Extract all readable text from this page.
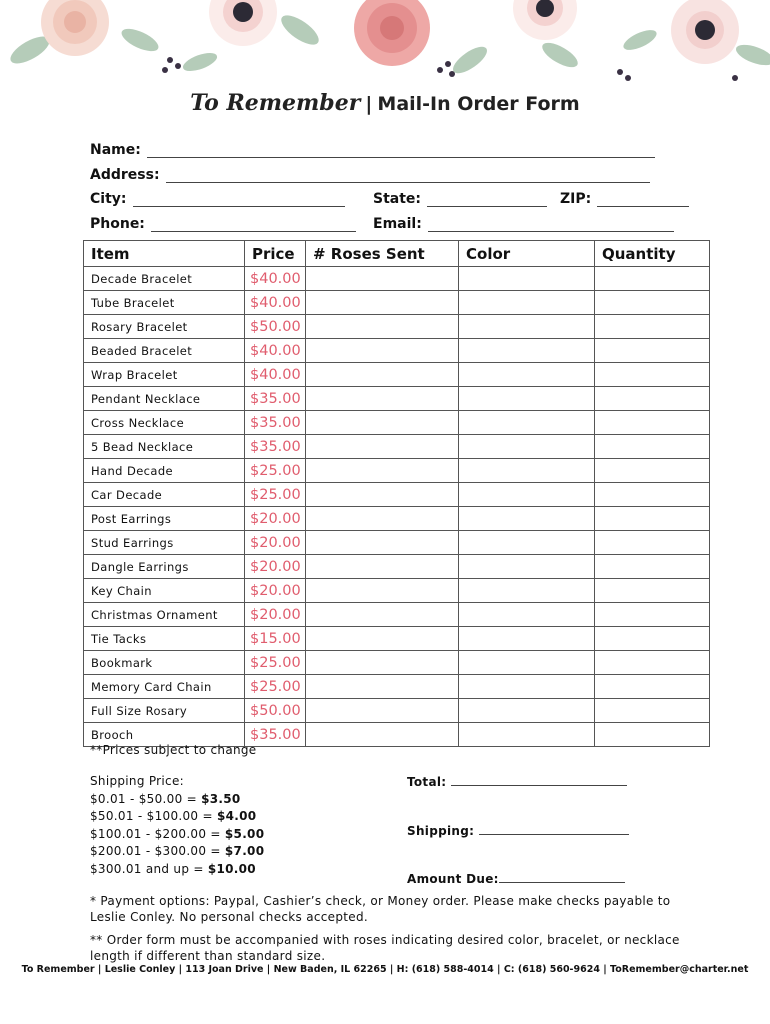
To Remember | Mail-In Order Form
Name:
Address:
City:	State:	ZIP:
Phone:	Email:
Item	Price	# Roses Sent	Color	Quantity
Decade Bracelet	$40.00			
Tube Bracelet	$40.00			
Rosary Bracelet	$50.00			
Beaded Bracelet	$40.00			
Wrap Bracelet	$40.00			
Pendant Necklace	$35.00			
Cross Necklace	$35.00			
5 Bead Necklace	$35.00			
Hand Decade	$25.00			
Car Decade	$25.00			
Post Earrings	$20.00			
Stud Earrings	$20.00			
Dangle Earrings	$20.00			
Key Chain	$20.00			
Christmas Ornament	$20.00			
Tie Tacks	$15.00			
Bookmark	$25.00			
Memory Card Chain	$25.00			
Full Size Rosary	$50.00			
Brooch	$35.00			
**Prices subject to change
Shipping Price:
$0.01 - $50.00 = $3.50
$50.01 - $100.00 = $4.00
$100.01 - $200.00 = $5.00
$200.01 - $300.00 = $7.00
$300.01 and up = $10.00
Total:
Shipping:
Amount Due:
* Payment options: Paypal, Cashier’s check, or Money order. Please make checks payable to Leslie Conley. No personal checks accepted.
** Order form must be accompanied with roses indicating desired color, bracelet, or necklace length if different than standard size.
To Remember | Leslie Conley | 113 Joan Drive | New Baden, IL 62265 | H: (618) 588-4014 | C: (618) 560-9624 | ToRemember@charter.net
